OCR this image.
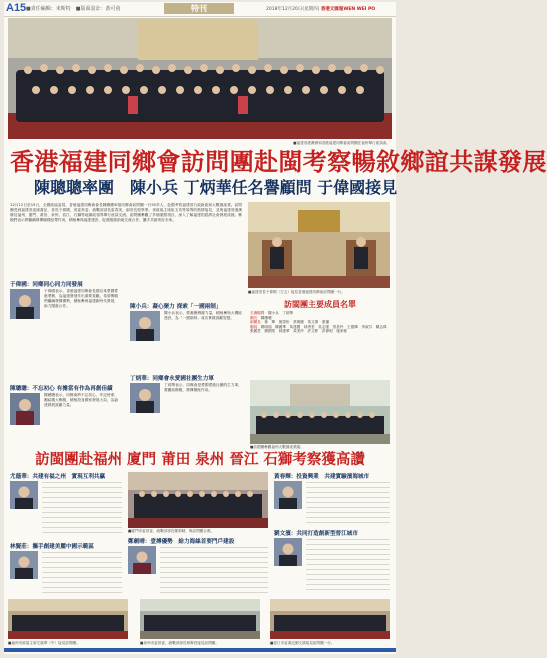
A15 ■責任編輯：米斯特　■版面設計：黃可茵	特刊	2018年12月20日(星期四) 香港文匯報WEN WEI PO
■福建省港澳辦和香港福建同鄉會訪問團在福州舉行座談會。
香港福建同鄉會訪問團赴閩考察暢敘鄉誼共謀發展
陳聰聰率團　陳小兵 丁炳華任名譽顧問 于偉國接見
12月12日至15日，全國政協委員、香港福建同鄉會會長陳聰聰率領同鄉會訪問團一行50多人，赴閩考察福建省行政新區和大數據產業。訪問團受到福建省委副書記、省長于偉國，省委常委、統戰部部長雷春美，副省長郭寧寧，省政協主席崔玉英等領導的熱情接見，並與福建省港澳辦及福州、廈門、莆田、泉州、晉江、石獅等地黨政領導舉行座談交流。訪問團參觀了多個重點項目，深入了解福建的經濟社會發展成就。鄉親們表示將繼續發揮橋樑紐帶作用，積極參與福建建設，促進閩港兩地交流合作，攜手共創美好未來。
■福建省長于偉國（左五）接見香港福建同鄉會訪問團一行。
于偉國：同鄉同心同力同發展
于偉國表示，香港福建同鄉會長期以來愛國愛港愛鄉，為福建發展作出重要貢獻。希望鄉親們繼續發揮優勢，積極參與福建新時代發展，助力閩港合作。
陳聰聰：不忘初心 有擔當有作為再創佳績
陳聰聰表示，同鄉會將不忘初心，牢記使命，團結廣大鄉親，積極投身國家發展大局，為福建發展貢獻力量。
陳小兵：凝心聚力 探索「一國兩制」
陳小兵表示，要凝聚鄉親力量，積極參與大灣區建設，為「一國兩制」成功實踐貢獻智慧。
丁炳華：同鄉會永愛國社團生力軍
丁炳華表示，同鄉會是愛國愛港社團的生力軍，要團結鄉親，發揮積極作用。
訪閩團主要成員名單
名譽顧問：陳小兵　丁炳華
團長：陳聰聰
副團長：林　輝　施榮忻　蔡明曉　黃文偉　張傑
團員：鄭明瑞　陳麗華　黃建國　林秀雲　吳志強　蔡美玲　王德輝　李淑芬　陳志偉　張麗君　劉國榮　林建華　黃美玲　許文彬　洪偉明　施家豪
■訪閩團參觀福州大數據產業園。
訪閩團赴福州 廈門 莆田 泉州 晉江 石獅考察獲高讚
尤蔭華：共建有福之州　實現互利共贏
林賢莊：攜手創建美麗中國示範區
■廈門市委常委、統戰部部長鄭劍晴，與訪問團合照。
鄭劍晴：壹搏優勢　給力海絲首要門戶建設
黃春輝：投資興業　共建實驗濱海城市
劉文濱：共同打造創新型晉江城市
■福州市政協主席尤蔭華（中）接見訪問團。	■泉州市委常委、統戰部部長林賢莊接見訪問團。	■晉江市委書記劉文濱接見訪問團一行。
